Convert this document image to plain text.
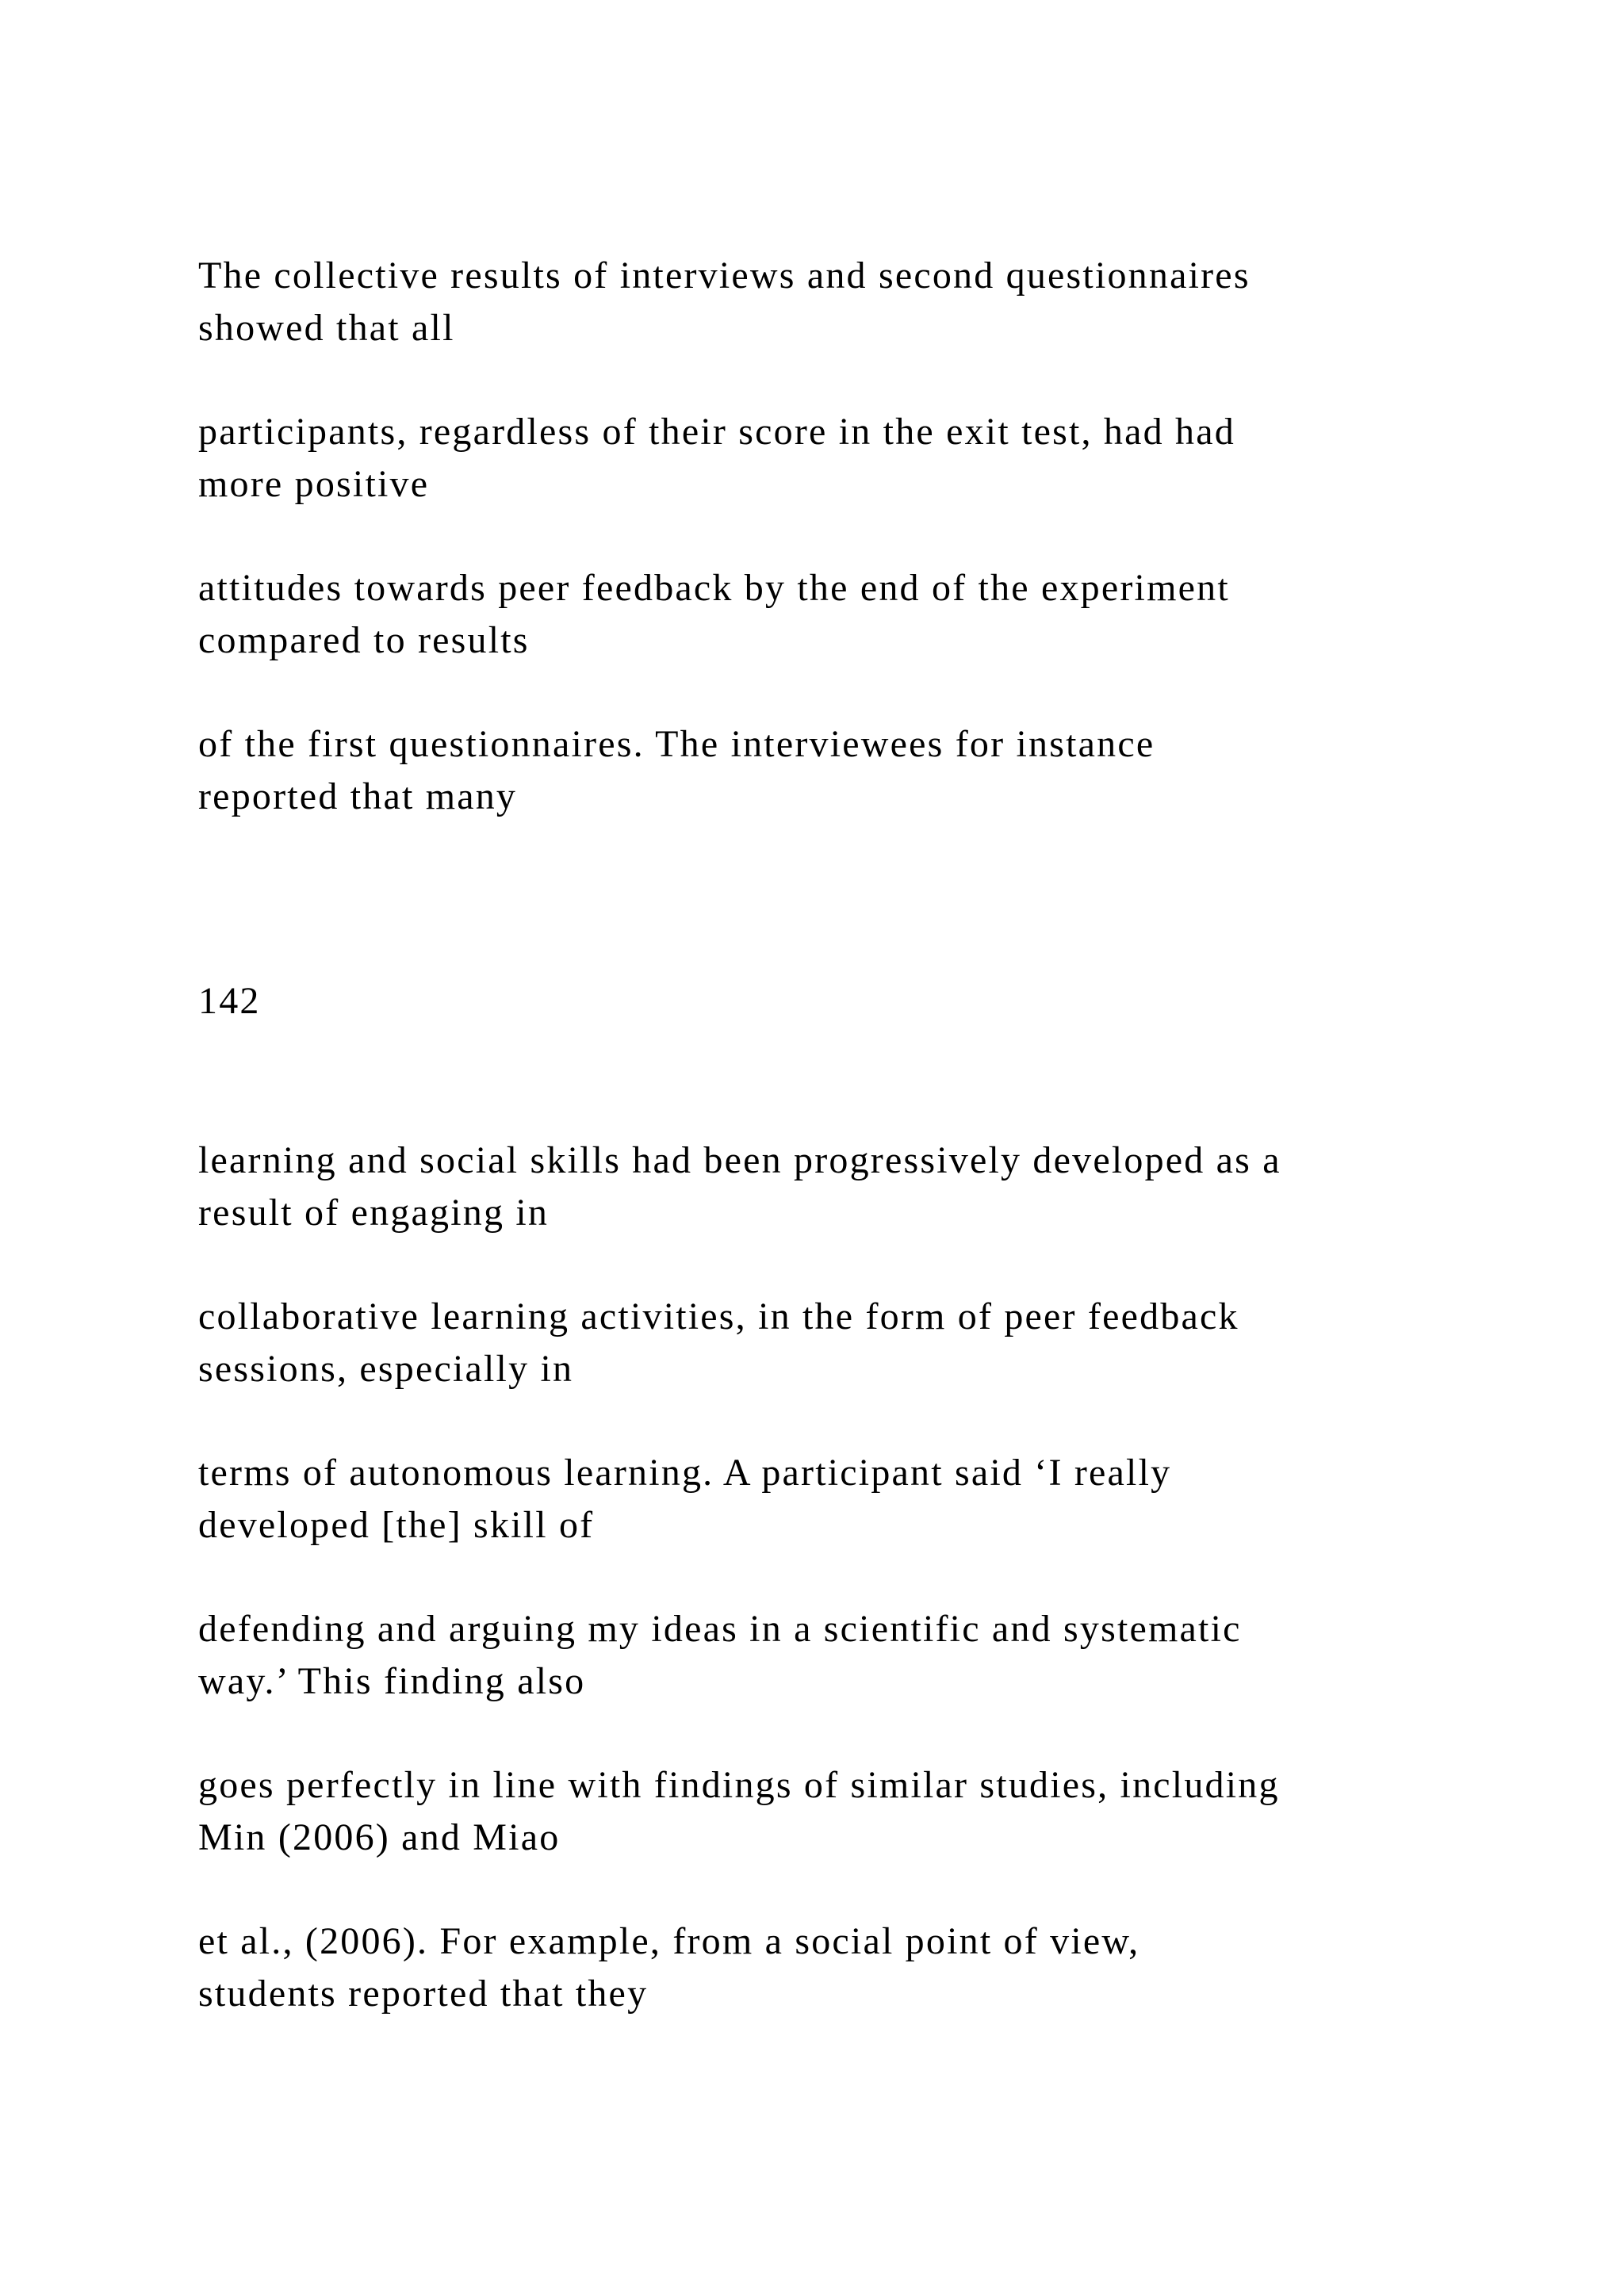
The collective results of interviews and second questionnaires
showed that all

participants, regardless of their score in the exit test, had had
more positive

attitudes towards peer feedback by the end of the experiment
compared to results

of the first questionnaires. The interviewees for instance
reported that many

142

learning and social skills had been progressively developed as a
result of engaging in

collaborative learning activities, in the form of peer feedback
sessions, especially in

terms of autonomous learning. A participant said ‘I really
developed [the] skill of

defending and arguing my ideas in a scientific and systematic
way.’ This finding also

goes perfectly in line with findings of similar studies, including
Min (2006) and Miao

et al., (2006). For example, from a social point of view,
students reported that they
